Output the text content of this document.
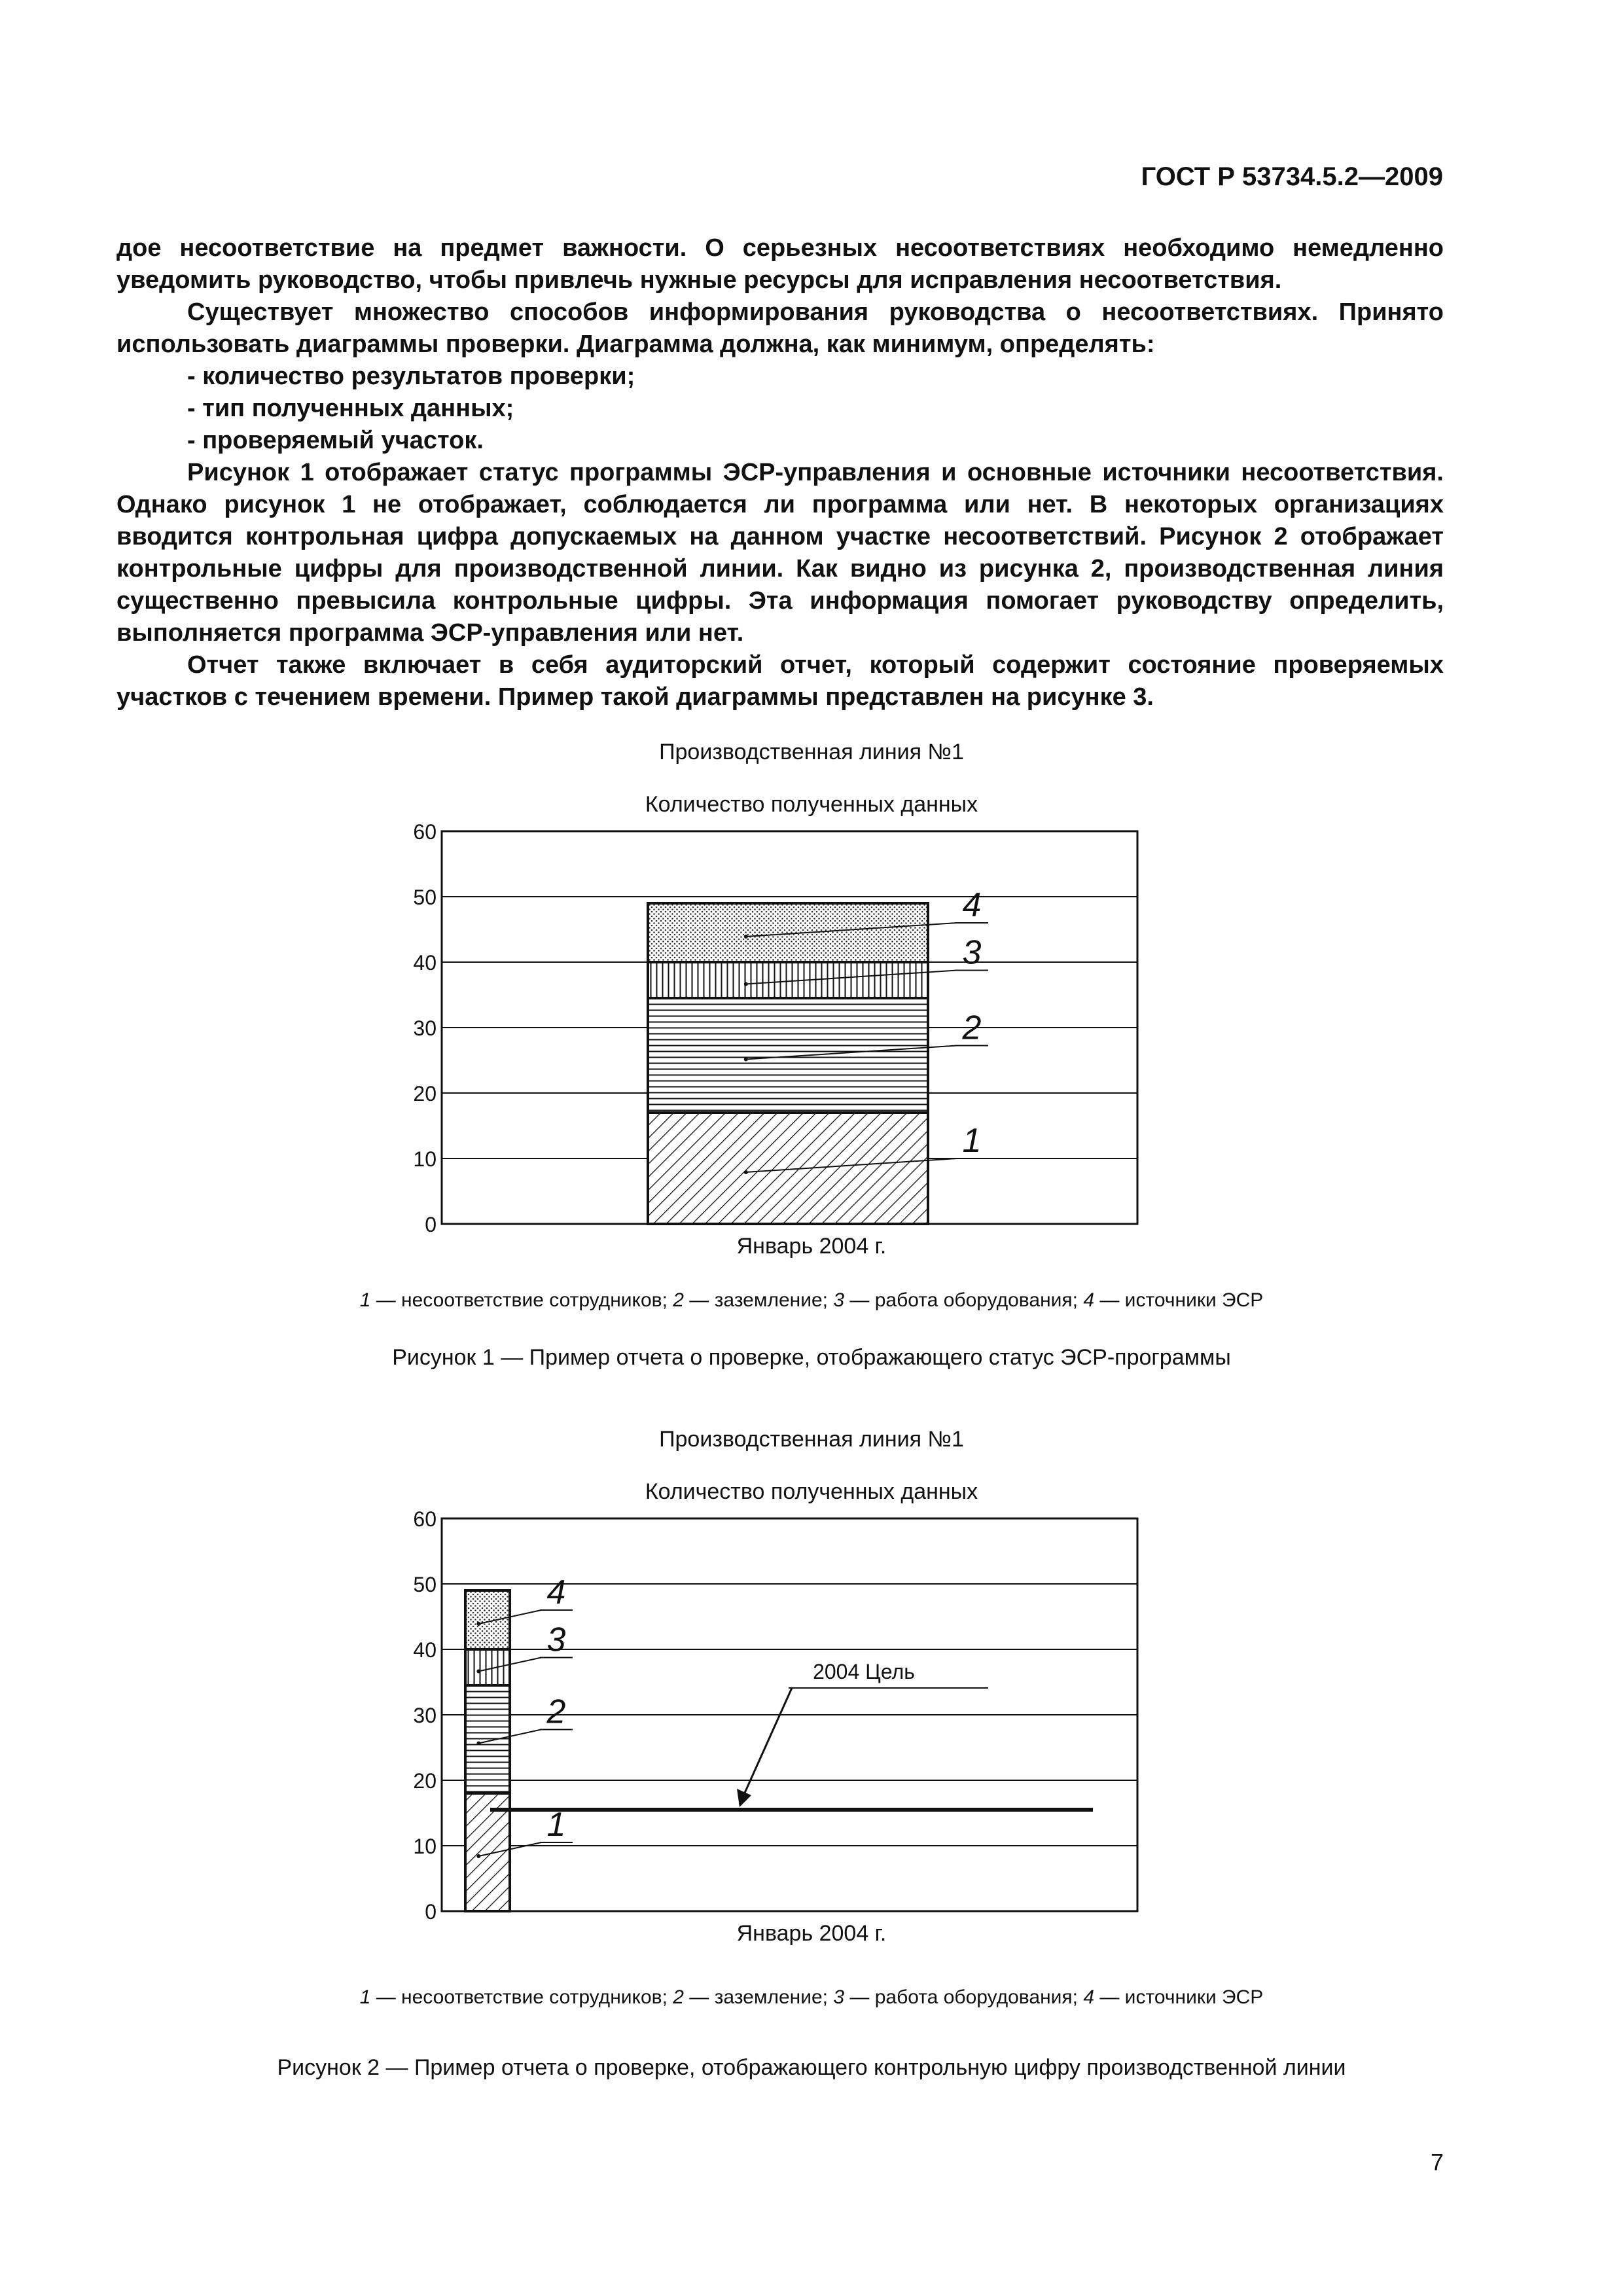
ГОСТ Р 53734.5.2—2009

дое несоответствие на предмет важности. О серьезных несоответствиях необходимо немедленно уведомить руководство, чтобы привлечь нужные ресурсы для исправления несоответствия.

Существует множество способов информирования руководства о несоответствиях. Принято использовать диаграммы проверки. Диаграмма должна, как минимум, определять:

- количество результатов проверки;

- тип полученных данных;

- проверяемый участок.

Рисунок 1 отображает статус программы ЭСР-управления и основные источники несоответствия. Однако рисунок 1 не отображает, соблюдается ли программа или нет. В некоторых организациях вводится контрольная цифра допускаемых на данном участке несоответствий. Рисунок 2 отображает контрольные цифры для производственной линии. Как видно из рисунка 2, производственная линия существенно превысила контрольные цифры. Эта информация помогает руководству определить, выполняется программа ЭСР-управления или нет.

Отчет также включает в себя аудиторский отчет, который содержит состояние проверяемых участков с течением времени. Пример такой диаграммы представлен на рисунке 3.

Производственная линия №1
Количество полученных данных
0
10
20
30
40
50
60
1
2
3
4
Январь 2004 г.
1 — несоответствие сотрудников; 2 — заземление; 3 — работа оборудования; 4 — источники ЭСР
Рисунок 1 — Пример отчета о проверке, отображающего статус ЭСР-программы
Производственная линия №1
Количество полученных данных
0
10
20
30
40
50
60
2004 Цель
1
2
3
4
Январь 2004 г.
1 — несоответствие сотрудников; 2 — заземление; 3 — работа оборудования; 4 — источники ЭСР
Рисунок 2 — Пример отчета о проверке, отображающего контрольную цифру производственной линии
7
